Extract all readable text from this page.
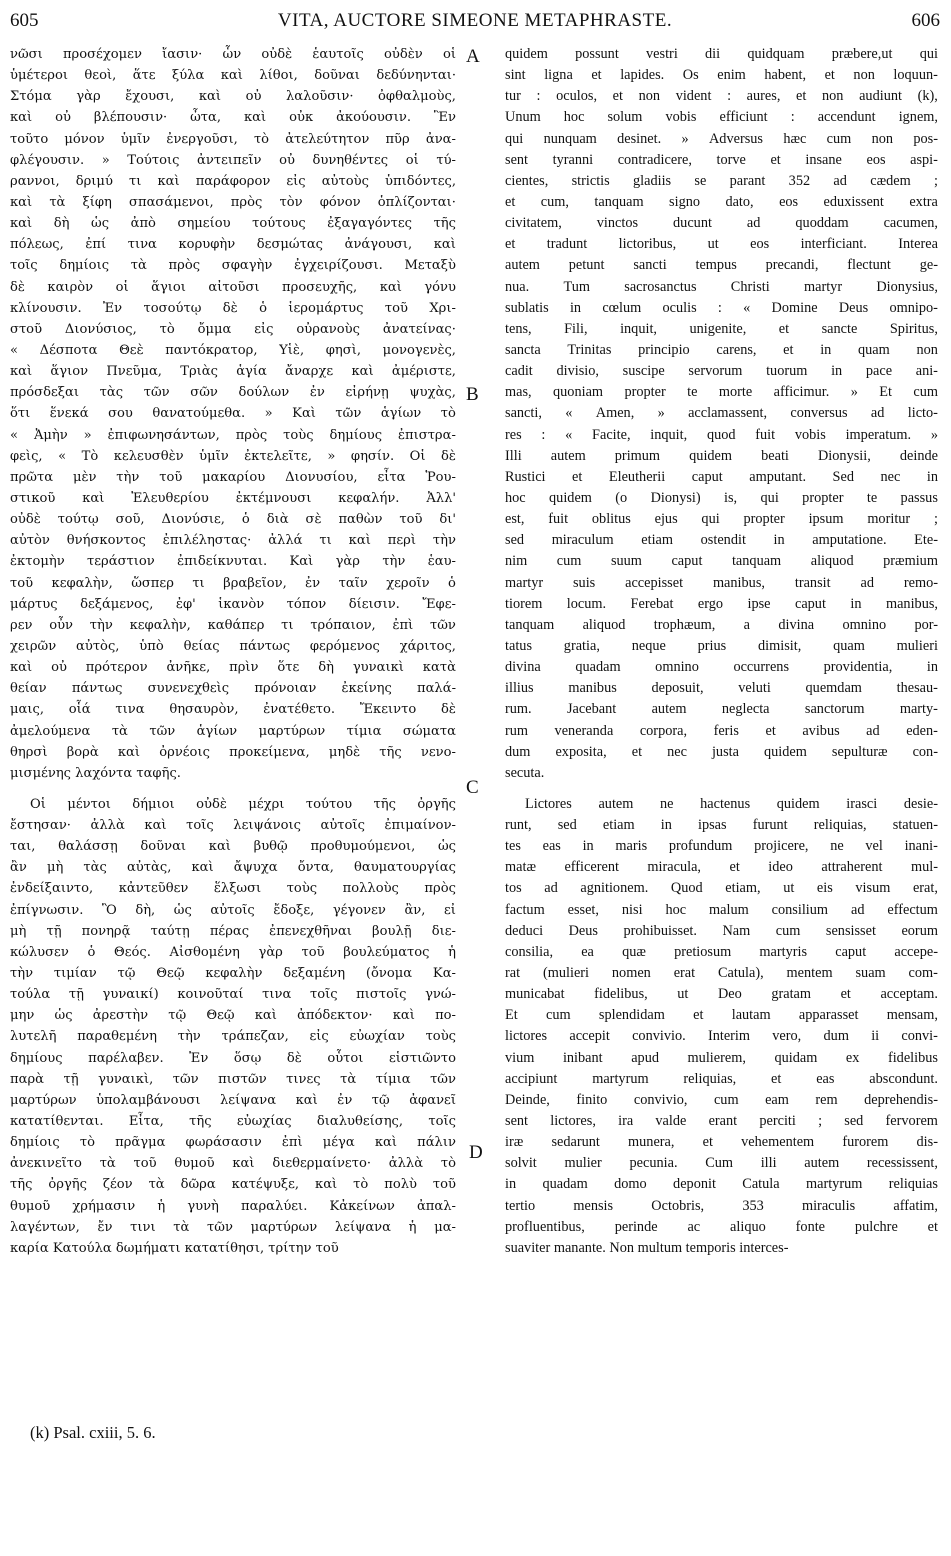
605	VITA, AUCTORE SIMEONE METAPHRASTE.	606
νῶσι προσέχομεν ἴασιν· ὧν οὐδὲ ἑαυτοῖς οὐδὲν οἱ
ὑμέτεροι θεοὶ, ἅτε ξύλα καὶ λίθοι, δοῦναι δεδύνηνται·
Στόμα γὰρ ἔχουσι, καὶ οὐ λαλοῦσιν· ὀφθαλμοὺς,
καὶ οὐ βλέπουσιν· ὦτα, καὶ οὐκ ἀκούουσιν. Ἓν
τοῦτο μόνον ὑμῖν ἐνεργοῦσι, τὸ ἀτελεύτητον πῦρ ἀνα-
φλέγουσιν. » Τούτοις ἀντειπεῖν οὐ δυνηθέντες οἱ τύ-
ραννοι, δριμύ τι καὶ παράφορον εἰς αὐτοὺς ὑπιδόντες,
καὶ τὰ ξίφη σπασάμενοι, πρὸς τὸν φόνον ὁπλίζονται·
καὶ δὴ ὡς ἀπὸ σημείου τούτους ἐξαγαγόντες τῆς
πόλεως, ἐπί τινα κορυφὴν δεσμώτας ἀνάγουσι, καὶ
τοῖς δημίοις τὰ πρὸς σφαγὴν ἐγχειρίζουσι. Μεταξὺ
δὲ καιρὸν οἱ ἅγιοι αἰτοῦσι προσευχῆς, καὶ γόνυ
κλίνουσιν. Ἐν τοσούτῳ δὲ ὁ ἱερομάρτυς τοῦ Χρι-
στοῦ Διονύσιος, τὸ ὄμμα εἰς οὐρανοὺς ἀνατείνας·
« Δέσποτα Θεὲ παντόκρατορ, Υἱὲ, φησὶ, μονογενὲς,
καὶ ἅγιον Πνεῦμα, Τριὰς ἁγία ἄναρχε καὶ ἀμέριστε,
πρόσδεξαι τὰς τῶν σῶν δούλων ἐν εἰρήνῃ ψυχὰς,
ὅτι ἕνεκά σου θανατούμεθα. » Καὶ τῶν ἁγίων τὸ
« Ἀμὴν » ἐπιφωνησάντων, πρὸς τοὺς δημίους ἐπιστρα-
φεὶς, « Τὸ κελευσθὲν ὑμῖν ἐκτελεῖτε, » φησίν. Οἱ δὲ
πρῶτα μὲν τὴν τοῦ μακαρίου Διονυσίου, εἶτα Ῥου-
στικοῦ καὶ Ἐλευθερίου ἐκτέμνουσι κεφαλήν. Ἀλλ'
οὐδὲ τούτῳ σοῦ, Διονύσιε, ὁ διὰ σὲ παθὼν τοῦ δι'
αὐτὸν θνήσκοντος ἐπιλέληστας· ἀλλά τι καὶ περὶ τὴν
ἐκτομὴν τεράστιον ἐπιδείκνυται. Καὶ γὰρ τὴν ἑαυ-
τοῦ κεφαλὴν, ὥσπερ τι βραβεῖον, ἐν ταῖν χεροῖν ὁ
μάρτυς δεξάμενος, ἐφ' ἱκανὸν τόπον δίεισιν. Ἔφε-
ρεν οὖν τὴν κεφαλὴν, καθάπερ τι τρόπαιον, ἐπὶ τῶν
χειρῶν αὐτὸς, ὑπὸ θείας πάντως φερόμενος χάριτος,
καὶ οὐ πρότερον ἀνῆκε, πρὶν ὅτε δὴ γυναικὶ κατὰ
θείαν πάντως συνενεχθεὶς πρόνοιαν ἐκείνης παλά-
μαις, οἷά τινα θησαυρὸν, ἐνατέθετο. Ἔκειντο δὲ
ἀμελούμενα τὰ τῶν ἁγίων μαρτύρων τίμια σώματα
θηρσὶ βορὰ καὶ ὀρνέοις προκείμενα, μηδὲ τῆς νενο-
μισμένης λαχόντα ταφῆς.
Οἱ μέντοι δήμιοι οὐδὲ μέχρι τούτου τῆς ὀργῆς
ἔστησαν· ἀλλὰ καὶ τοῖς λειψάνοις αὐτοῖς ἐπιμαίνον-
ται, θαλάσσῃ δοῦναι καὶ βυθῷ προθυμούμενοι, ὡς
ἂν μὴ τὰς αὐτὰς, καὶ ἄψυχα ὄντα, θαυματουργίας
ἐνδείξαιντο, κἀντεῦθεν ἕλξωσι τοὺς πολλοὺς πρὸς
ἐπίγνωσιν. Ὃ δὴ, ὡς αὐτοῖς ἔδοξε, γέγονεν ἂν, εἰ
μὴ τῇ πονηρᾷ ταύτῃ πέρας ἐπενεχθῆναι βουλῇ διε-
κώλυσεν ὁ Θεός. Αἰσθομένη γὰρ τοῦ βουλεύματος ἡ
τὴν τιμίαν τῷ Θεῷ κεφαλὴν δεξαμένη (ὄνομα Κα-
τούλα τῇ γυναικί) κοινοῦταί τινα τοῖς πιστοῖς γνώ-
μην ὡς ἀρεστὴν τῷ Θεῷ καὶ ἀπόδεκτον· καὶ πο-
λυτελῆ παραθεμένη τὴν τράπεζαν, εἰς εὐωχίαν τοὺς
δημίους παρέλαβεν. Ἐν ὅσῳ δὲ οὗτοι εἱστιῶντο
παρὰ τῇ γυναικὶ, τῶν πιστῶν τινες τὰ τίμια τῶν
μαρτύρων ὑπολαμβάνουσι λείψανα καὶ ἐν τῷ ἀφανεῖ
κατατίθενται. Εἶτα, τῆς εὐωχίας διαλυθείσης, τοῖς
δημίοις τὸ πρᾶγμα φωράσασιν ἐπὶ μέγα καὶ πάλιν
ἀνεκινεῖτο τὰ τοῦ θυμοῦ καὶ διεθερμαίνετο· ἀλλὰ τὸ
τῆς ὀργῆς ζέον τὰ δῶρα κατέψυξε, καὶ τὸ πολὺ τοῦ
θυμοῦ χρήμασιν ἡ γυνὴ παραλύει. Κἀκείνων ἀπαλ-
λαγέντων, ἔν τινι τὰ τῶν μαρτύρων λείψανα ἡ μα-
καρία Κατούλα δωμήματι κατατίθησι, τρίτην τοῦ
quidem possunt vestri dii quidquam præbere,ut qui
sint ligna et lapides. Os enim habent, et non loquun-
tur : oculos, et non vident : aures, et non audiunt (k),
Unum hoc solum vobis efficiunt : accendunt ignem,
qui nunquam desinet. » Adversus hæc cum non pos-
sent tyranni contradicere, torve et insane eos aspi-
cientes, strictis gladiis se parant 352 ad cædem ;
et cum, tanquam signo dato, eos eduxissent extra
civitatem, vinctos ducunt ad quoddam cacumen,
et tradunt lictoribus, ut eos interficiant. Interea
autem petunt sancti tempus precandi, flectunt ge-
nua. Tum sacrosanctus Christi martyr Dionysius,
sublatis in cœlum oculis : « Domine Deus omnipo-
tens, Fili, inquit, unigenite, et sancte Spiritus,
sancta Trinitas principio carens, et in quam non
cadit divisio, suscipe servorum tuorum in pace ani-
mas, quoniam propter te morte afficimur. » Et cum
sancti, « Amen, » acclamassent, conversus ad licto-
res : « Facite, inquit, quod fuit vobis imperatum. »
Illi autem primum quidem beati Dionysii, deinde
Rustici et Eleutherii caput amputant. Sed nec in
hoc quidem (o Dionysi) is, qui propter te passus
est, fuit oblitus ejus qui propter ipsum moritur ;
sed miraculum etiam ostendit in amputatione. Ete-
nim cum suum caput tanquam aliquod præmium
martyr suis accepisset manibus, transit ad remo-
tiorem locum. Ferebat ergo ipse caput in manibus,
tanquam aliquod trophæum, a divina omnino por-
tatus gratia, neque prius dimisit, quam mulieri
divina quadam omnino occurrens providentia, in
illius manibus deposuit, veluti quemdam thesau-
rum. Jacebant autem neglecta sanctorum marty-
rum veneranda corpora, feris et avibus ad eden-
dum exposita, et nec justa quidem sepulturæ con-
secuta.
Lictores autem ne hactenus quidem irasci desie-
runt, sed etiam in ipsas furunt reliquias, statuen-
tes eas in maris profundum projicere, ne vel inani-
matæ efficerent miracula, et ideo attraherent mul-
tos ad agnitionem. Quod etiam, ut eis visum erat,
factum esset, nisi hoc malum consilium ad effectum
deduci Deus prohibuisset. Nam cum sensisset eorum
consilia, ea quæ pretiosum martyris caput accepe-
rat (mulieri nomen erat Catula), mentem suam com-
municabat fidelibus, ut Deo gratam et acceptam.
Et cum splendidam et lautam apparasset mensam,
lictores accepit convivio. Interim vero, dum ii convi-
vium inibant apud mulierem, quidam ex fidelibus
accipiunt martyrum reliquias, et eas abscondunt.
Deinde, finito convivio, cum eam rem deprehendis-
sent lictores, ira valde erant perciti ; sed fervorem
iræ sedarunt munera, et vehementem furorem dis-
solvit mulier pecunia. Cum illi autem recessissent,
in quadam domo deponit Catula martyrum reliquias
tertio	mensis	Octobris,	353	miraculis	affatim,
profluentibus, perinde ac aliquo fonte pulchre et
suaviter manante. Non multum temporis interces-
A
B
C
D
(k) Psal. cxiii, 5. 6.
